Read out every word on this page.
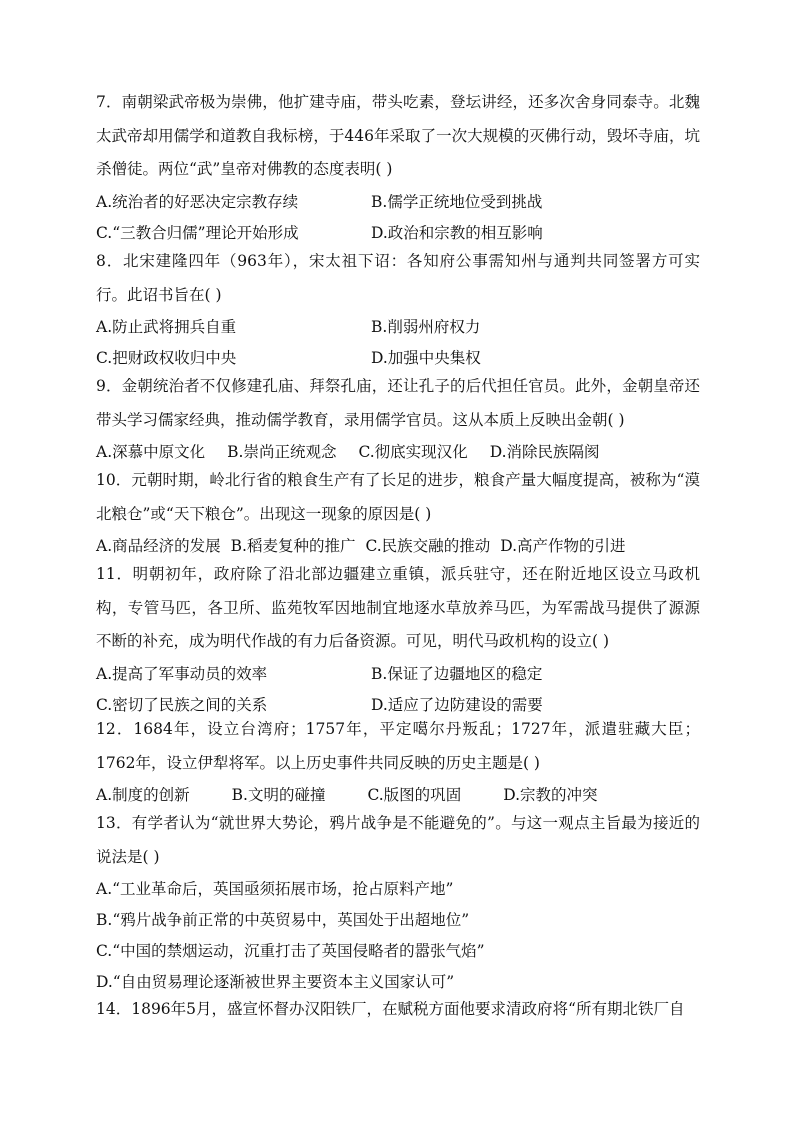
7．南朝梁武帝极为崇佛，他扩建寺庙，带头吃素，登坛讲经，还多次舍身同泰寺。北魏太武帝却用儒学和道教自我标榜，于446年采取了一次大规模的灭佛行动，毁坏寺庙，坑杀僧徒。两位“武”皇帝对佛教的态度表明( )
A.统治者的好恶决定宗教存续	B.儒学正统地位受到挑战
C.“三教合归儒”理论开始形成	D.政治和宗教的相互影响
8．北宋建隆四年（963年），宋太祖下诏：各知府公事需知州与通判共同签署方可实行。此诏书旨在( )
A.防止武将拥兵自重	B.削弱州府权力
C.把财政权收归中央	D.加强中央集权
9．金朝统治者不仅修建孔庙、拜祭孔庙，还让孔子的后代担任官员。此外，金朝皇帝还带头学习儒家经典，推动儒学教育，录用儒学官员。这从本质上反映出金朝( )
A.深慕中原文化 B.崇尚正统观念 C.彻底实现汉化 D.消除民族隔阂
10．元朝时期，岭北行省的粮食生产有了长足的进步，粮食产量大幅度提高，被称为“漠北粮仓”或“天下粮仓”。出现这一现象的原因是( )
A.商品经济的发展 B.稻麦复种的推广 C.民族交融的推动 D.高产作物的引进
11．明朝初年，政府除了沿北部边疆建立重镇，派兵驻守，还在附近地区设立马政机构，专管马匹，各卫所、监苑牧军因地制宜地逐水草放养马匹，为军需战马提供了源源不断的补充，成为明代作战的有力后备资源。可见，明代马政机构的设立( )
A.提高了军事动员的效率	B.保证了边疆地区的稳定
C.密切了民族之间的关系	D.适应了边防建设的需要
12．1684年，设立台湾府；1757年，平定噶尔丹叛乱；1727年，派遣驻藏大臣；1762年，设立伊犁将军。以上历史事件共同反映的历史主题是( )
A.制度的创新	B.文明的碰撞	C.版图的巩固	D.宗教的冲突
13．有学者认为“就世界大势论，鸦片战争是不能避免的”。与这一观点主旨最为接近的说法是( )
A.“工业革命后，英国亟须拓展市场，抢占原料产地”
B.“鸦片战争前正常的中英贸易中，英国处于出超地位”
C.“中国的禁烟运动，沉重打击了英国侵略者的嚣张气焰”
D.“自由贸易理论逐渐被世界主要资本主义国家认可”
14．1896年5月，盛宣怀督办汉阳铁厂，在赋税方面他要求清政府将“所有期北铁厂自
